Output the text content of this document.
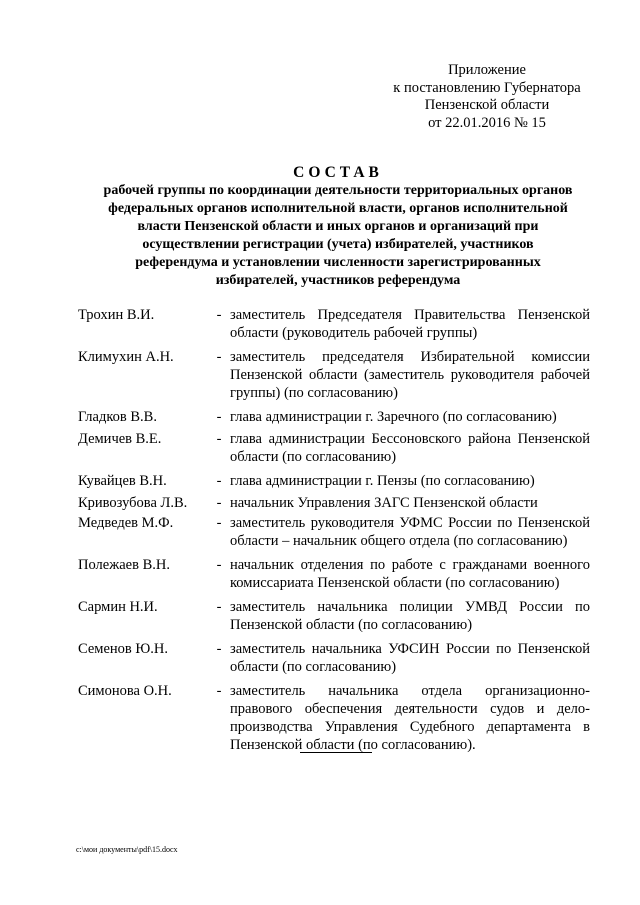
Приложение
к постановлению Губернатора
Пензенской области
от 22.01.2016 № 15
СОСТАВ
рабочей группы по координации деятельности территориальных органов
федеральных органов исполнительной власти, органов исполнительной
власти Пензенской области и иных органов и организаций при
осуществлении регистрации (учета) избирателей, участников
референдума и установлении численности зарегистрированных
избирателей, участников референдума
Трохин В.И.	- заместитель Председателя Правительства Пензенской
области (руководитель рабочей группы)
Климухин А.Н.	- заместитель председателя Избирательной комиссии
Пензенской области (заместитель руководителя рабочей
группы) (по согласованию)
Гладков В.В.	- глава администрации г. Заречного (по согласованию)
Демичев В.Е.	- глава администрации Бессоновского района Пензенской
области (по согласованию)
Кувайцев В.Н.	- глава администрации г. Пензы (по согласованию)
Кривозубова Л.В.	- начальник Управления ЗАГС Пензенской области
Медведев М.Ф.	- заместитель руководителя УФМС России по Пензенской
области – начальник общего отдела (по согласованию)
Полежаев В.Н.	- начальник отделения по работе с гражданами военного
комиссариата Пензенской области (по согласованию)
Сармин Н.И.	- заместитель начальника полиции УМВД России по
Пензенской области (по согласованию)
Семенов Ю.Н.	- заместитель начальника УФСИН России по Пензенской
области (по согласованию)
Симонова О.Н.	- заместитель начальника отдела организационно-
правового обеспечения деятельности судов и дело-
производства Управления Судебного департамента в
Пензенской области (по согласованию).
c:\мои документы\pdf\15.docx
